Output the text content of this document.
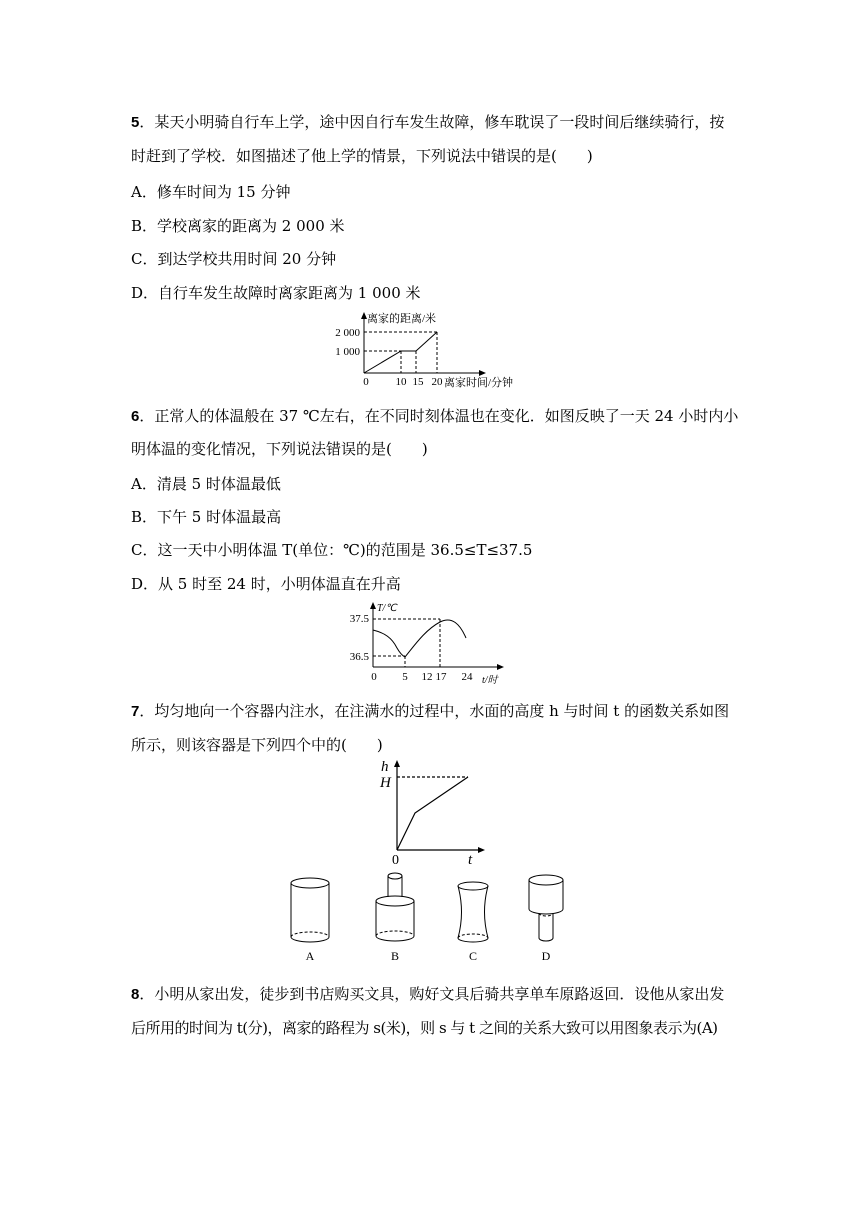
5．某天小明骑自行车上学，途中因自行车发生故障，修车耽误了一段时间后继续骑行，按
时赶到了学校．如图描述了他上学的情景，下列说法中错误的是(　　)
A．修车时间为 15 分钟
B．学校离家的距离为 2 000 米
C．到达学校共用时间 20 分钟
D．自行车发生故障时离家距离为 1 000 米
离家的距离/米
2 000
1 000
0 10 15 20 离家时间/分钟
6．正常人的体温般在 37 ℃左右，在不同时刻体温也在变化．如图反映了一天 24 小时内小
明体温的变化情况，下列说法错误的是(　　)
A．清晨 5 时体温最低
B．下午 5 时体温最高
C．这一天中小明体温 T(单位：℃)的范围是 36.5≤T≤37.5
D．从 5 时至 24 时，小明体温直在升高
T/℃
37.5
36.5
0 5 12 17 24 t/时
7．均匀地向一个容器内注水，在注满水的过程中，水面的高度 h 与时间 t 的函数关系如图
所示，则该容器是下列四个中的(　　)
h
H
0	t
A	B	C	D
8．小明从家出发，徒步到书店购买文具，购好文具后骑共享单车原路返回．设他从家出发
后所用的时间为 t(分)，离家的路程为 s(米)，则 s 与 t 之间的关系大致可以用图象表示为(A)
